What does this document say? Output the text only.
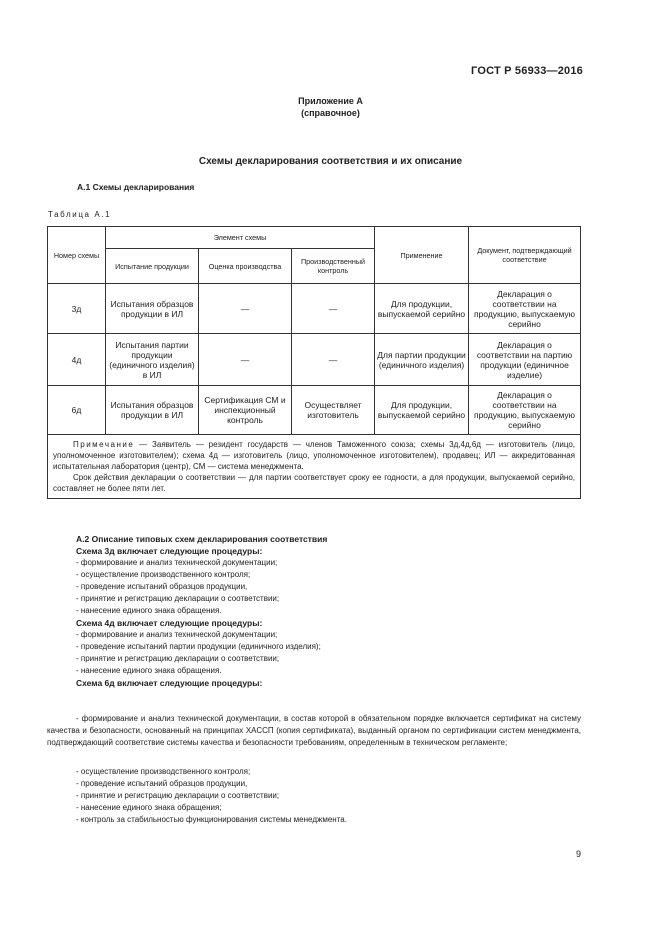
ГОСТ Р 56933—2016
Приложение А
(справочное)
Схемы декларирования соответствия и их описание
А.1 Схемы декларирования
Таблица А.1
Номер схемы	Элемент схемы			Применение	Документ, подтверждающий соответствие
	Испытание продукции	Оценка производства	Производственный контроль		
3д	Испытания образцов продукции в ИЛ	—	—	Для продукции, выпускаемой серийно	Декларация о соответствии на продукцию, выпускаемую серийно
4д	Испытания партии продукции (единичного изделия) в ИЛ	—	—	Для партии продукции (единичного изделия)	Декларация о соответствии на партию продукции (единичное изделие)
6д	Испытания образцов продукции в ИЛ	Сертификация СМ и инспекционный контроль	Осуществляет изготовитель	Для продукции, выпускаемой серийно	Декларация о соответствии на продукцию, выпускаемую серийно

Примечание — Заявитель — резидент государств — членов Таможенного союза; схемы 3д,4д,6д — изготовитель (лицо, уполномоченное изготовителем); схема 4д — изготовитель (лицо, уполномоченное изготовителем), продавец; ИЛ — аккредитованная испытательная лаборатория (центр), СМ — система менеджмента.

Срок действия декларации о соответствии — для партии соответствует сроку ее годности, а для продукции, выпускаемой серийно, составляет не более пяти лет.					

А.2 Описание типовых схем декларирования соответствия
Схема 3д включает следующие процедуры:
- формирование и анализ технической документации;
- осуществление производственного контроля;
- проведение испытаний образцов продукции,
- принятие и регистрацию декларации о соответствии;
- нанесение единого знака обращения.
Схема 4д включает следующие процедуры:
- формирование и анализ технической документации;
- проведение испытаний партии продукции (единичного изделия);
- принятие и регистрацию декларации о соответствии;
- нанесение единого знака обращения.
Схема 6д включает следующие процедуры:
- формирование и анализ технической документации, в состав которой в обязательном порядке включается сертификат на систему качества и безопасности, основанный на принципах ХАССП (копия сертификата), выданный органом по сертификации систем менеджмента, подтверждающий соответствие системы качества и безопасности требованиям, определенным в техническом регламенте;
- осуществление производственного контроля;
- проведение испытаний образцов продукции,
- принятие и регистрацию декларации о соответствии;
- нанесение единого знака обращения;
- контроль за стабильностью функционирования системы менеджмента.
9
